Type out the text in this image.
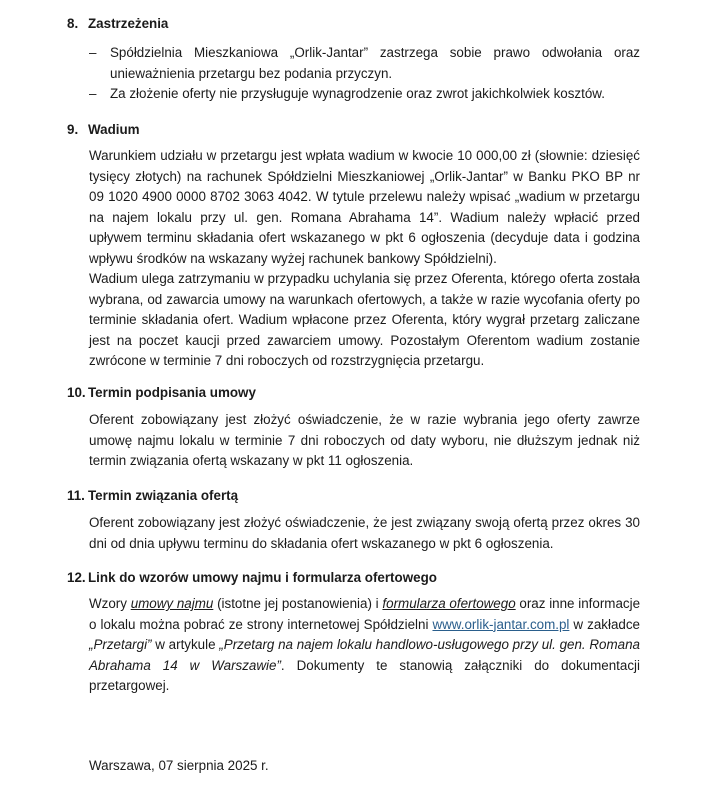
8. Zastrzeżenia
– Spółdzielnia Mieszkaniowa „Orlik-Jantar” zastrzega sobie prawo odwołania oraz unieważnienia przetargu bez podania przyczyn.
– Za złożenie oferty nie przysługuje wynagrodzenie oraz zwrot jakichkolwiek kosztów.
9. Wadium

Warunkiem udziału w przetargu jest wpłata wadium w kwocie 10 000,00 zł (słownie: dziesięć tysięcy złotych) na rachunek Spółdzielni Mieszkaniowej „Orlik-Jantar” w Banku PKO BP nr 09 1020 4900 0000 8702 3063 4042. W tytule przelewu należy wpisać „wadium w przetargu na najem lokalu przy ul. gen. Romana Abrahama 14”. Wadium należy wpłacić przed upływem terminu składania ofert wskazanego w pkt 6 ogłoszenia (decyduje data i godzina wpływu środków na wskazany wyżej rachunek bankowy Spółdzielni).

Wadium ulega zatrzymaniu w przypadku uchylania się przez Oferenta, którego oferta została wybrana, od zawarcia umowy na warunkach ofertowych, a także w razie wycofania oferty po terminie składania ofert. Wadium wpłacone przez Oferenta, który wygrał przetarg zaliczane jest na poczet kaucji przed zawarciem umowy. Pozostałym Oferentom wadium zostanie zwrócone w terminie 7 dni roboczych od rozstrzygnięcia przetargu.

10. Termin podpisania umowy

Oferent zobowiązany jest złożyć oświadczenie, że w razie wybrania jego oferty zawrze umowę najmu lokalu w terminie 7 dni roboczych od daty wyboru, nie dłuższym jednak niż termin związania ofertą wskazany w pkt 11 ogłoszenia.

11. Termin związania ofertą

Oferent zobowiązany jest złożyć oświadczenie, że jest związany swoją ofertą przez okres 30 dni od dnia upływu terminu do składania ofert wskazanego w pkt 6 ogłoszenia.

12. Link do wzorów umowy najmu i formularza ofertowego

Wzory umowy najmu (istotne jej postanowienia) i formularza ofertowego oraz inne informacje o lokalu można pobrać ze strony internetowej Spółdzielni www.orlik-jantar.com.pl w zakładce „Przetargi” w artykule „Przetarg na najem lokalu handlowo-usługowego przy ul. gen. Romana Abrahama 14 w Warszawie”. Dokumenty te stanowią załączniki do dokumentacji przetargowej.

Warszawa, 07 sierpnia 2025 r.
